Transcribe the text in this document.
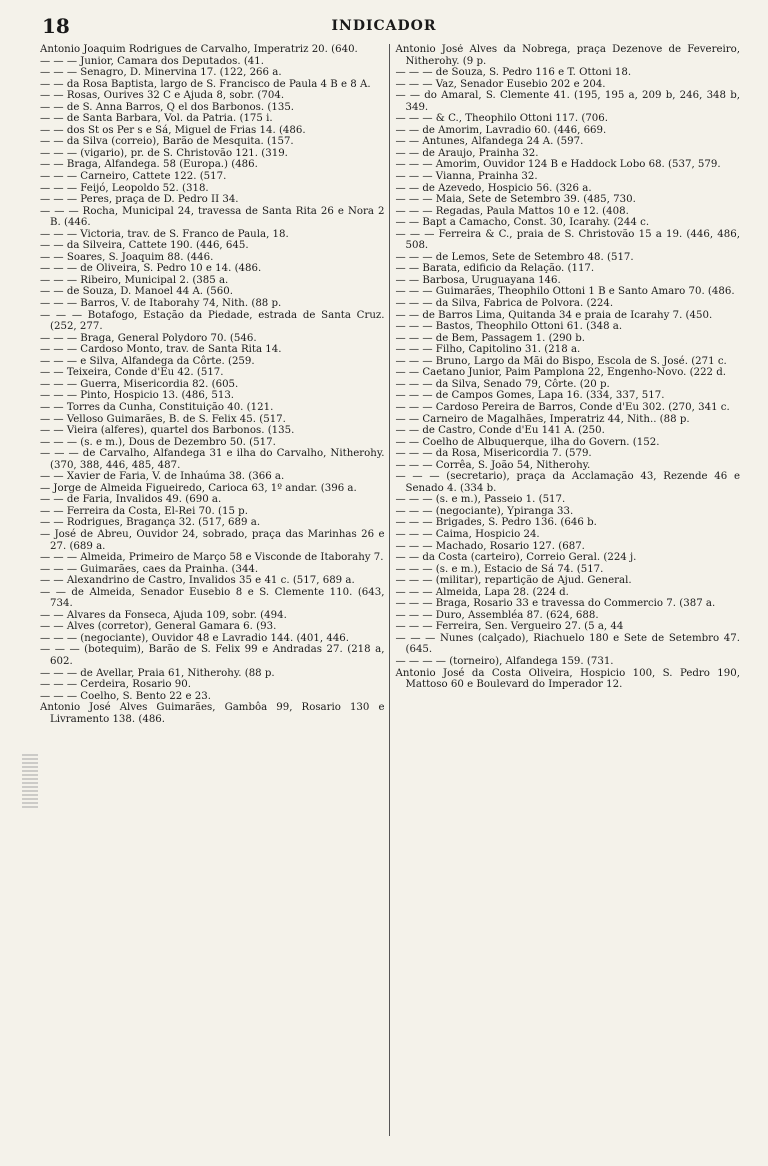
18	INDICADOR

Antonio Joaquim Rodrigues de Carvalho, Imperatriz 20. (640.

— — — Junior, Camara dos Deputados. (41.

— — — Senagro, D. Minervina 17. (122, 266 a.

— — da Rosa Baptista, largo de S. Francisco de Paula 4 B e 8 A.

— — Rosas, Ourives 32 C e Ajuda 8, sobr. (704.

— — de S. Anna Barros, Q el dos Barbonos. (135.

— — de Santa Barbara, Vol. da Patria. (175 i.

— — dos St os Per s e Sá, Miguel de Frias 14. (486.

— — da Silva (correio), Barão de Mesquita. (157.

— — — (vigario), pr. de S. Christovão 121. (319.

— — Braga, Alfandega. 58 (Europa.) (486.

— — — Carneiro, Cattete 122. (517.

— — — Feijó, Leopoldo 52. (318.

— — — Peres, praça de D. Pedro II 34.

— — — Rocha, Municipal 24, travessa de Santa Rita 26 e Nora 2 B. (446.

— — — Victoria, trav. de S. Franco de Paula, 18.

— — da Silveira, Cattete 190. (446, 645.

— — Soares, S. Joaquim 88. (446.

— — — de Oliveira, S. Pedro 10 e 14. (486.

— — — Ribeiro, Municipal 2. (385 a.

— — de Souza, D. Manoel 44 A. (560.

— — — Barros, V. de Itaborahy 74, Nith. (88 p.

— — — Botafogo, Estação da Piedade, estrada de Santa Cruz. (252, 277.

— — — Braga, General Polydoro 70. (546.

— — — Cardoso Monto, trav. de Santa Rita 14.

— — — e Silva, Alfandega da Côrte. (259.

— — Teixeira, Conde d'Eu 42. (517.

— — — Guerra, Misericordia 82. (605.

— — — Pinto, Hospicio 13. (486, 513.

— — Torres da Cunha, Constituição 40. (121.

— — Velloso Guimarães, B. de S. Felix 45. (517.

— — Vieira (alferes), quartel dos Barbonos. (135.

— — — (s. e m.), Dous de Dezembro 50. (517.

— — — de Carvalho, Alfandega 31 e ilha do Carvalho, Nitherohy. (370, 388, 446, 485, 487.

— — Xavier de Faria, V. de Inhaúma 38. (366 a.

— Jorge de Almeida Figueiredo, Carioca 63, 1º andar. (396 a.

— — de Faria, Invalidos 49. (690 a.

— — Ferreira da Costa, El-Rei 70. (15 p.

— — Rodrigues, Bragança 32. (517, 689 a.

— José de Abreu, Ouvidor 24, sobrado, praça das Marinhas 26 e 27. (689 a.

— — — Almeida, Primeiro de Março 58 e Visconde de Itaborahy 7.

— — — Guimarães, caes da Prainha. (344.

— — Alexandrino de Castro, Invalidos 35 e 41 c. (517, 689 a.

— — de Almeida, Senador Eusebio 8 e S. Clemente 110. (643, 734.

— — Alvares da Fonseca, Ajuda 109, sobr. (494.

— — Alves (corretor), General Gamara 6. (93.

— — — (negociante), Ouvidor 48 e Lavradio 144. (401, 446.

— — — (botequim), Barão de S. Felix 99 e Andradas 27. (218 a, 602.

— — — de Avellar, Praia 61, Nitherohy. (88 p.

— — — Cerdeira, Rosario 90.

— — — Coelho, S. Bento 22 e 23.

Antonio José Alves Guimarães, Gambôa 99, Rosario 130 e Livramento 138. (486.

Antonio José Alves da Nobrega, praça Dezenove de Fevereiro, Nitherohy. (9 p.

— — — de Souza, S. Pedro 116 e T. Ottoni 18.

— — — Vaz, Senador Eusebio 202 e 204.

— — do Amaral, S. Clemente 41. (195, 195 a, 209 b, 246, 348 b, 349.

— — — & C., Theophilo Ottoni 117. (706.

— — de Amorim, Lavradio 60. (446, 669.

— — Antunes, Alfandega 24 A. (597.

— — de Araujo, Prainha 32.

— — — Amorim, Ouvidor 124 B e Haddock Lobo 68. (537, 579.

— — — Vianna, Prainha 32.

— — de Azevedo, Hospicio 56. (326 a.

— — — Maia, Sete de Setembro 39. (485, 730.

— — — Regadas, Paula Mattos 10 e 12. (408.

— — Bapt a Camacho, Const. 30, Icarahy. (244 c.

— — — Ferreira & C., praia de S. Christovão 15 a 19. (446, 486, 508.

— — — de Lemos, Sete de Setembro 48. (517.

— — Barata, edificio da Relação. (117.

— — Barbosa, Uruguayana 146.

— — — Guimarães, Theophilo Ottoni 1 B e Santo Amaro 70. (486.

— — — da Silva, Fabrica de Polvora. (224.

— — de Barros Lima, Quitanda 34 e praia de Icarahy 7. (450.

— — — Bastos, Theophilo Ottoni 61. (348 a.

— — — de Bem, Passagem 1. (290 b.

— — — Filho, Capitolino 31. (218 a.

— — — Bruno, Largo da Mãi do Bispo, Escola de S. José. (271 c.

— — Caetano Junior, Paim Pamplona 22, Engenho-Novo. (222 d.

— — — da Silva, Senado 79, Côrte. (20 p.

— — — de Campos Gomes, Lapa 16. (334, 337, 517.

— — — Cardoso Pereira de Barros, Conde d'Eu 302. (270, 341 c.

— — Carneiro de Magalhães, Imperatriz 44, Nith.. (88 p.

— — de Castro, Conde d'Eu 141 A. (250.

— — Coelho de Albuquerque, ilha do Govern. (152.

— — — da Rosa, Misericordia 7. (579.

— — — Corrêa, S. João 54, Nitherohy.

— — — (secretario), praça da Acclamação 43, Rezende 46 e Senado 4. (334 b.

— — — (s. e m.), Passeio 1. (517.

— — — (negociante), Ypiranga 33.

— — — Brigades, S. Pedro 136. (646 b.

— — — Caima, Hospicio 24.

— — — Machado, Rosario 127. (687.

— — da Costa (carteiro), Correio Geral. (224 j.

— — — (s. e m.), Estacio de Sá 74. (517.

— — — (militar), repartição de Ajud. General.

— — — Almeida, Lapa 28. (224 d.

— — — Braga, Rosario 33 e travessa do Commercio 7. (387 a.

— — — Duro, Assembléa 87. (624, 688.

— — — Ferreira, Sen. Vergueiro 27. (5 a, 44

— — — Nunes (calçado), Riachuelo 180 e Sete de Setembro 47. (645.

— — — — (torneiro), Alfandega 159. (731.

Antonio José da Costa Oliveira, Hospicio 100, S. Pedro 190, Mattoso 60 e Boulevard do Imperador 12.
